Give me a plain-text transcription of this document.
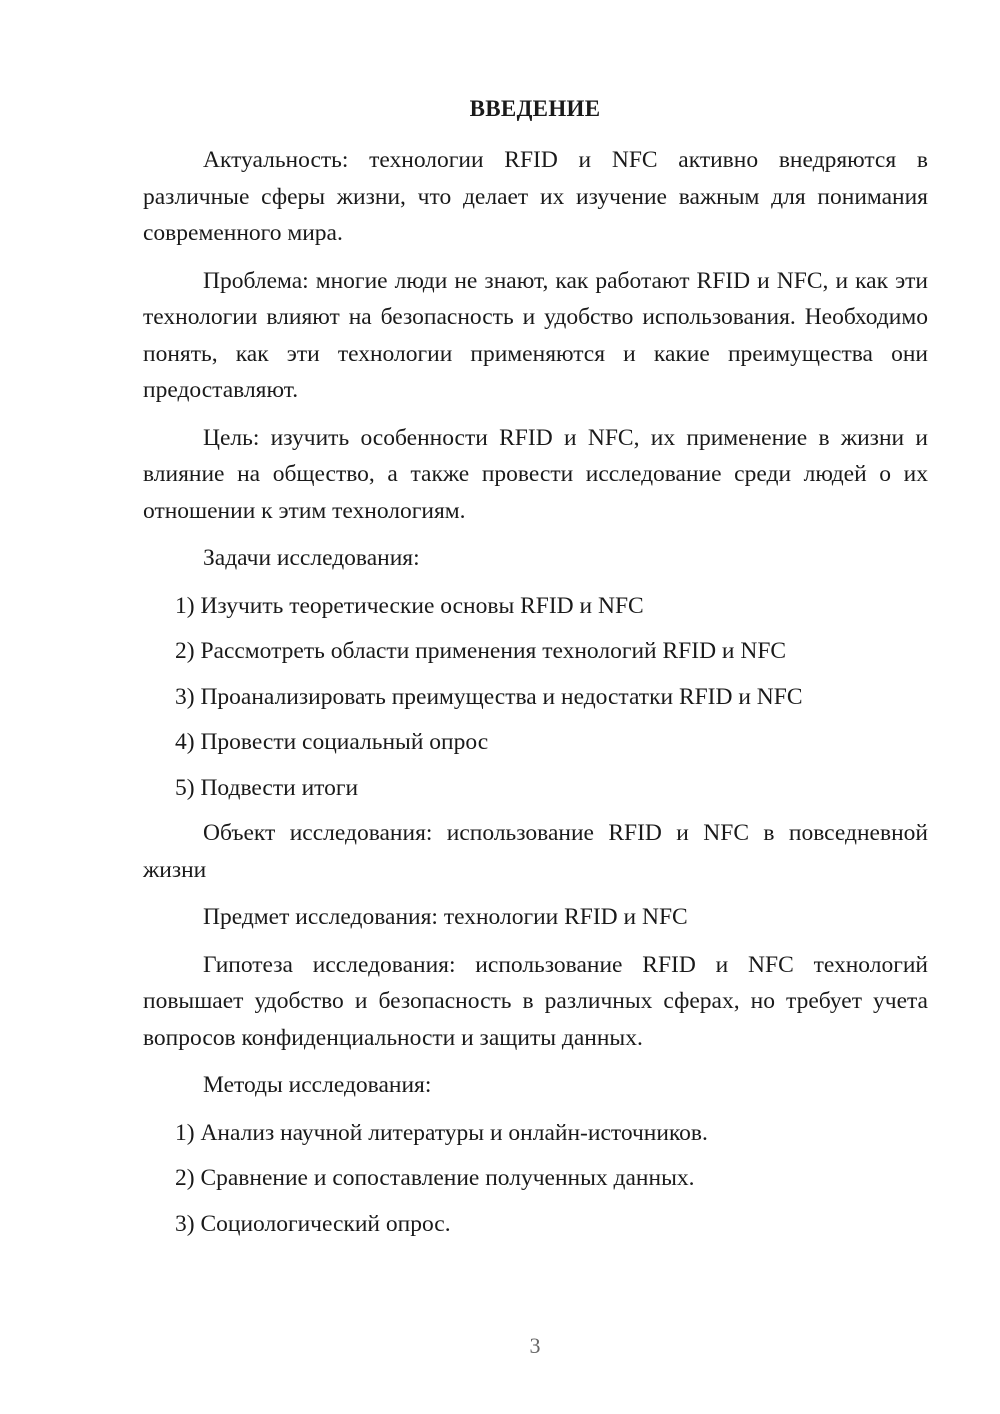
ВВЕДЕНИЕ

Актуальность: технологии RFID и NFC активно внедряются в различные сферы жизни, что делает их изучение важным для понимания современного мира.

Проблема: многие люди не знают, как работают RFID и NFC, и как эти технологии влияют на безопасность и удобство использования. Необходимо понять, как эти технологии применяются и какие преимущества они предоставляют.

Цель: изучить особенности RFID и NFC, их применение в жизни и влияние на общество, а также провести исследование среди людей о их отношении к этим технологиям.

Задачи исследования:

1) Изучить теоретические основы RFID и NFC

2) Рассмотреть области применения технологий RFID и NFC

3) Проанализировать преимущества и недостатки RFID и NFC

4) Провести социальный опрос

5) Подвести итоги

Объект исследования: использование RFID и NFC в повседневной жизни

Предмет исследования: технологии RFID и NFC

Гипотеза исследования: использование RFID и NFC технологий повышает удобство и безопасность в различных сферах, но требует учета вопросов конфиденциальности и защиты данных.

Методы исследования:

1) Анализ научной литературы и онлайн-источников.

2) Сравнение и сопоставление полученных данных.

3) Социологический опрос.

3
